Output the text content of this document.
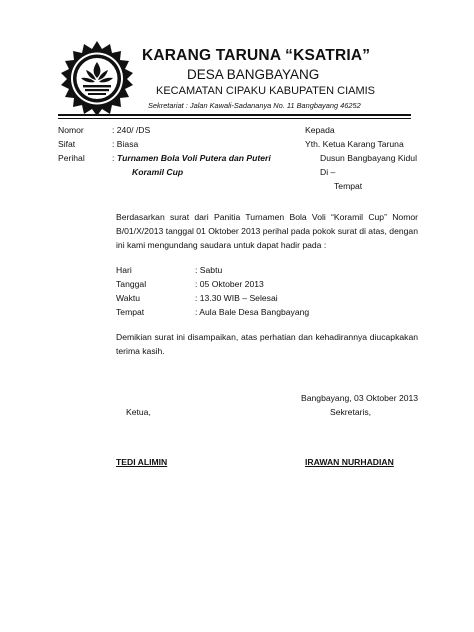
KARANG TARUNA “KSATRIA”
DESA BANGBAYANG
KECAMATAN CIPAKU KABUPATEN CIAMIS
Sekretariat : Jalan Kawali-Sadananya No. 11 Bangbayang 46252
Nomor	: 240/ /DS
Sifat	: Biasa
Perihal	: Turnamen Bola Voli Putera dan Puteri
Koramil Cup
Kepada
Yth. Ketua Karang Taruna
Dusun Bangbayang Kidul
Di –
Tempat
Berdasarkan surat dari Panitia Turnamen Bola Voli “Koramil Cup” Nomor B/01/X/2013 tanggal 01 Oktober 2013 perihal pada pokok surat di atas, dengan ini kami mengundang saudara untuk dapat hadir pada :
Hari	: Sabtu
Tanggal	: 05 Oktober 2013
Waktu	: 13.30 WIB – Selesai
Tempat	: Aula Bale Desa Bangbayang
Demikian surat ini disampaikan, atas perhatian dan kehadirannya diucapkakan terima kasih.
Bangbayang, 03 Oktober 2013
Ketua,	Sekretaris,
TEDI ALIMIN	IRAWAN NURHADIAN
